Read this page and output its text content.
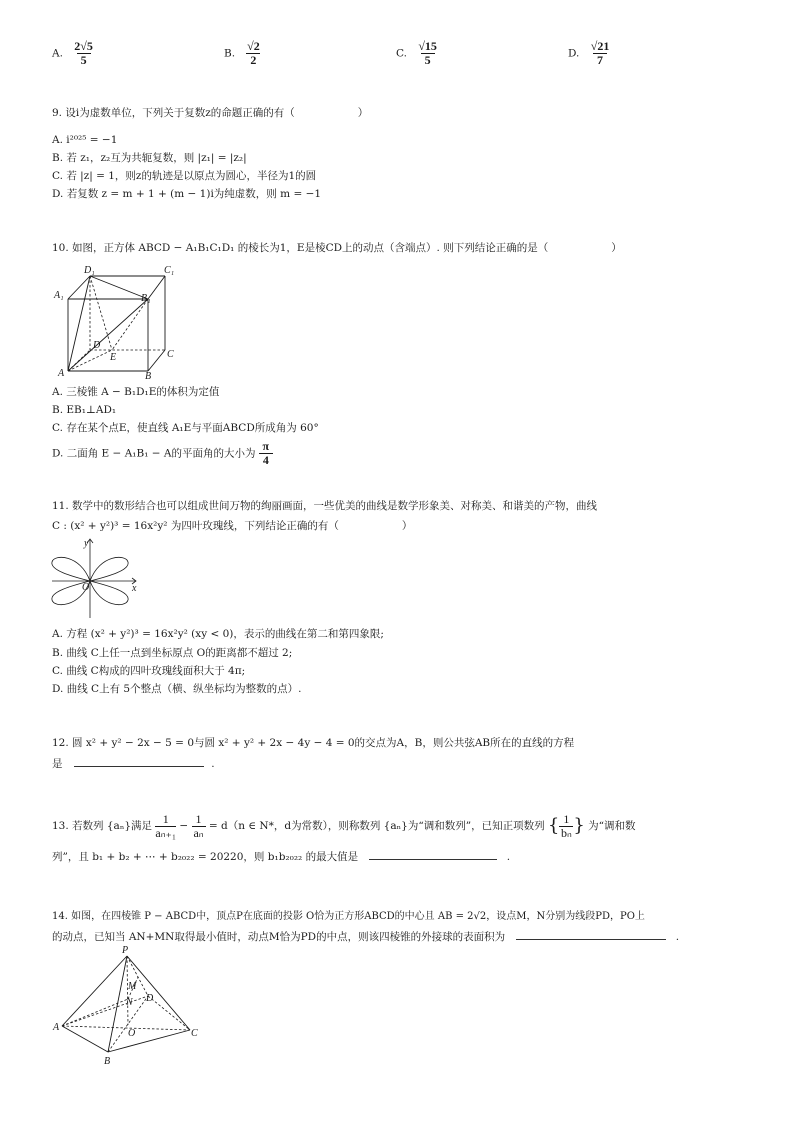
A. $\frac{2√5}{5}$	B. $\frac{√2}{2}$	C. $\frac{√15}{5}$	D. $\frac{√21}{7}$
9. 设i为虚数单位，下列关于复数z的命题正确的有（　　　　　　）
A. i²⁰²⁵ = −1
B. 若 z₁，z₂互为共轭复数，则 |z₁| = |z₂|
C. 若 |z| = 1，则z的轨迹是以原点为圆心，半径为1的圆
D. 若复数 z = m + 1 + (m − 1)i为纯虚数，则 m = −1
10. 如图，正方体 ABCD − A₁B₁C₁D₁ 的棱长为1，E是棱CD上的动点（含端点）. 则下列结论正确的是（　　　　　　）
D₁	C₁
A₁	B₁
D
E	C
A	B
A. 三棱锥 A − B₁D₁E的体积为定值
B. EB₁⊥AD₁
C. 存在某个点E，使直线 A₁E与平面ABCD所成角为 60°
D. 二面角 E − A₁B₁ − A的平面角的大小为 $\frac{\pi}{4}$
11. 数学中的数形结合也可以组成世间万物的绚丽画面，一些优美的曲线是数学形象美、对称美、和谐美的产物，曲线
C : (x² + y²)³ = 16x²y² 为四叶玫瑰线，下列结论正确的有（　　　　　　）
y
x
O
A. 方程 (x² + y²)³ = 16x²y² (xy < 0)，表示的曲线在第二和第四象限;
B. 曲线 C上任一点到坐标原点 O的距离都不超过 2;
C. 曲线 C构成的四叶玫瑰线面积大于 4π;
D. 曲线 C上有 5个整点（横、纵坐标均为整数的点）.
12. 圆 x² + y² − 2x − 5 = 0与圆 x² + y² + 2x − 4y − 4 = 0的交点为A，B，则公共弦AB所在的直线的方程
是	.
13. 若数列 {aₙ}满足 $\frac{1}{\text{aₙ₊₁}} - \frac{1}{\text{aₙ}} = d(n$ ∈ N*，d为常数），则称数列 {aₙ}为“调和数列”，已知正项数列 { $\frac{1}{\text{bₙ}}$ } 为“调和数
列”，且 b₁ + b₂ + ⋯ + b₂₀₂₂ = 20220，则 b₁b₂₀₂₂ 的最大值是	.
14. 如图，在四棱锥 P − ABCD中，顶点P在底面的投影 O恰为正方形ABCD的中心且 AB = 2√2，设点M，N分别为线段PD，PO上
的动点，已知当 AN+MN取得最小值时，动点M恰为PD的中点，则该四棱锥的外接球的表面积为	.
P
M
N D
A
O	C
B
